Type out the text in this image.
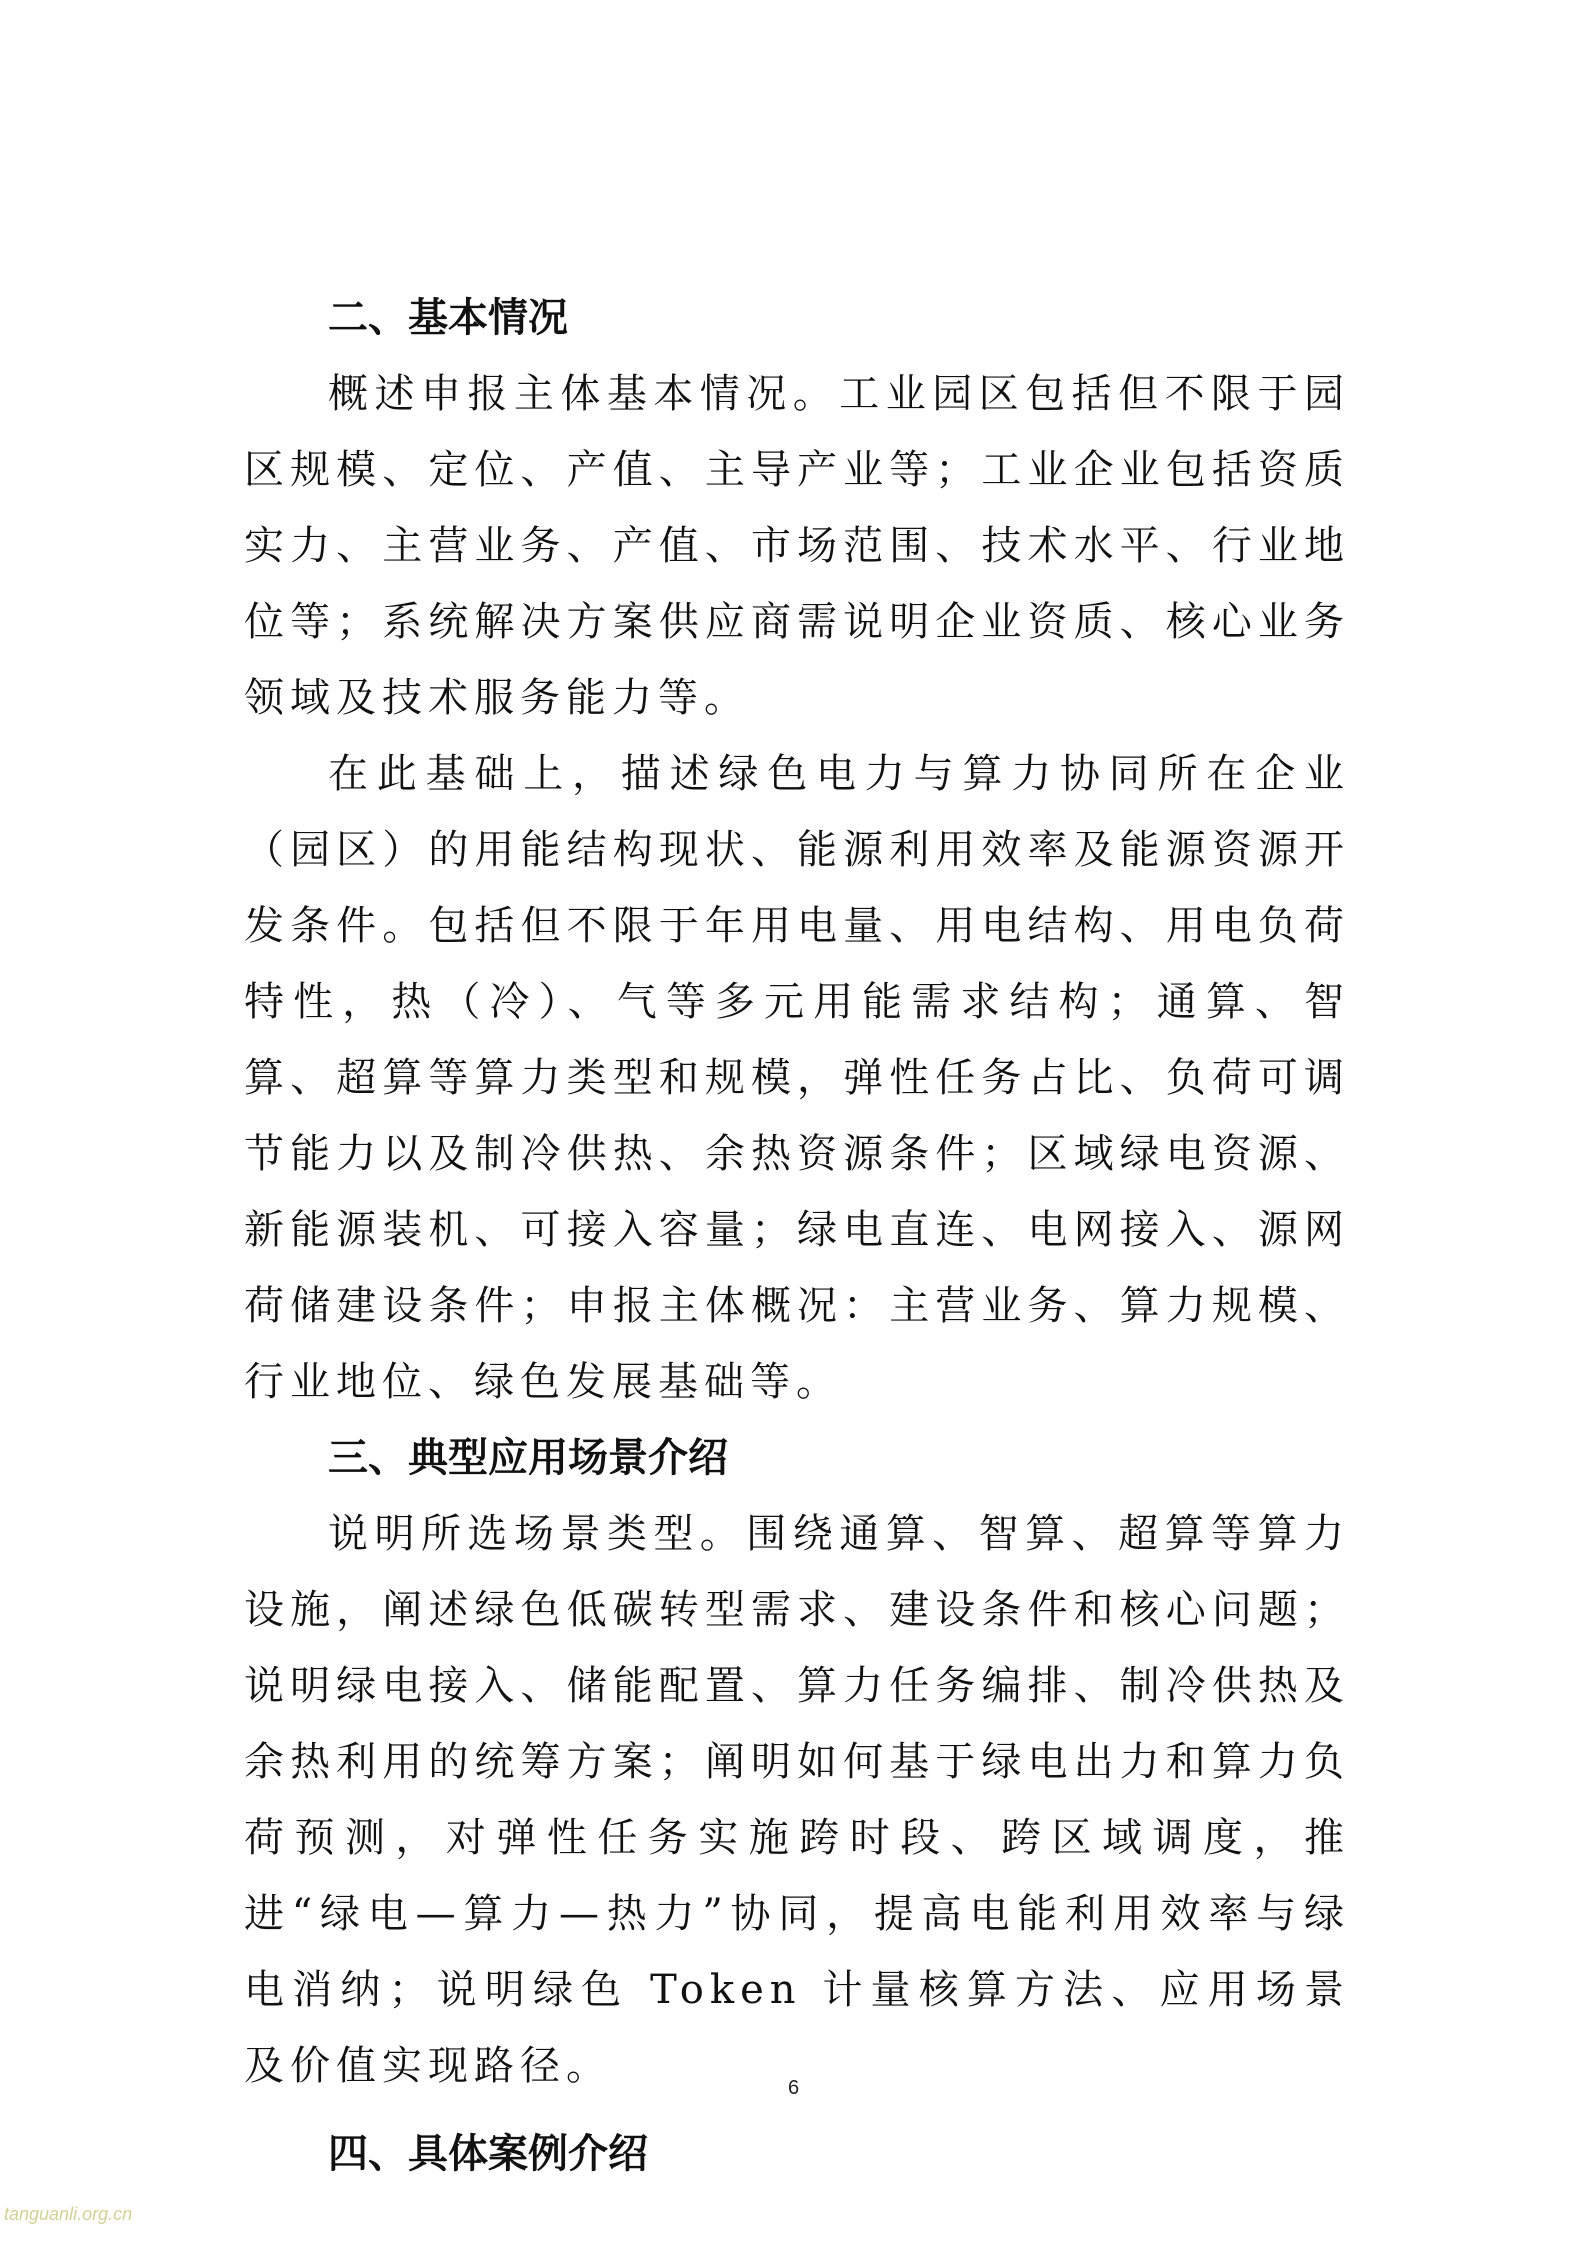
二、基本情况

概述申报主体基本情况。工业园区包括但不限于园区规模、定位、产值、主导产业等；工业企业包括资质实力、主营业务、产值、市场范围、技术水平、行业地位等；系统解决方案供应商需说明企业资质、核心业务领域及技术服务能力等。

在此基础上，描述绿色电力与算力协同所在企业（园区）的用能结构现状、能源利用效率及能源资源开发条件。包括但不限于年用电量、用电结构、用电负荷特性，热（冷）、气等多元用能需求结构；通算、智算、超算等算力类型和规模，弹性任务占比、负荷可调节能力以及制冷供热、余热资源条件；区域绿电资源、新能源装机、可接入容量；绿电直连、电网接入、源网荷储建设条件；申报主体概况：主营业务、算力规模、行业地位、绿色发展基础等。

三、典型应用场景介绍

说明所选场景类型。围绕通算、智算、超算等算力设施，阐述绿色低碳转型需求、建设条件和核心问题；说明绿电接入、储能配置、算力任务编排、制冷供热及余热利用的统筹方案；阐明如何基于绿电出力和算力负荷预测，对弹性任务实施跨时段、跨区域调度，推进“绿电—算力—热力”协同，提高电能利用效率与绿电消纳；说明绿色 Token 计量核算方法、应用场景及价值实现路径。

四、具体案例介绍
6
tanguanli.org.cn
